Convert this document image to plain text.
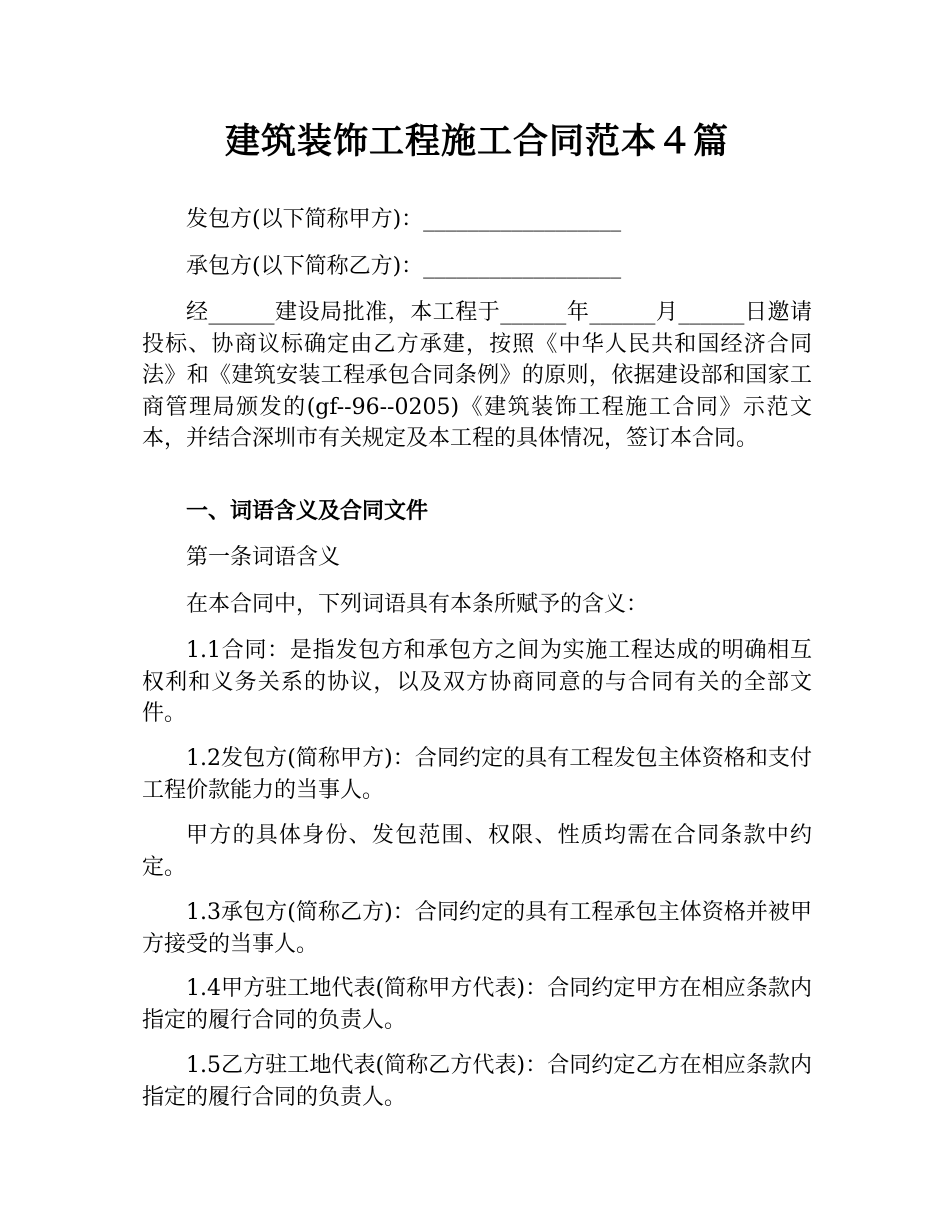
建筑装饰工程施工合同范本４篇

发包方(以下简称甲方)：__________________

承包方(以下简称乙方)：__________________

经______建设局批准，本工程于______年______月______日邀请投标、协商议标确定由乙方承建，按照《中华人民共和国经济合同法》和《建筑安装工程承包合同条例》的原则，依据建设部和国家工商管理局颁发的(gf--96--0205)《建筑装饰工程施工合同》示范文本，并结合深圳市有关规定及本工程的具体情况，签订本合同。

一、词语含义及合同文件

第一条词语含义

在本合同中，下列词语具有本条所赋予的含义：

1.1合同：是指发包方和承包方之间为实施工程达成的明确相互权利和义务关系的协议，以及双方协商同意的与合同有关的全部文件。

1.2发包方(简称甲方)：合同约定的具有工程发包主体资格和支付工程价款能力的当事人。

甲方的具体身份、发包范围、权限、性质均需在合同条款中约定。

1.3承包方(简称乙方)：合同约定的具有工程承包主体资格并被甲方接受的当事人。

1.4甲方驻工地代表(简称甲方代表)：合同约定甲方在相应条款内指定的履行合同的负责人。

1.5乙方驻工地代表(简称乙方代表)：合同约定乙方在相应条款内指定的履行合同的负责人。
